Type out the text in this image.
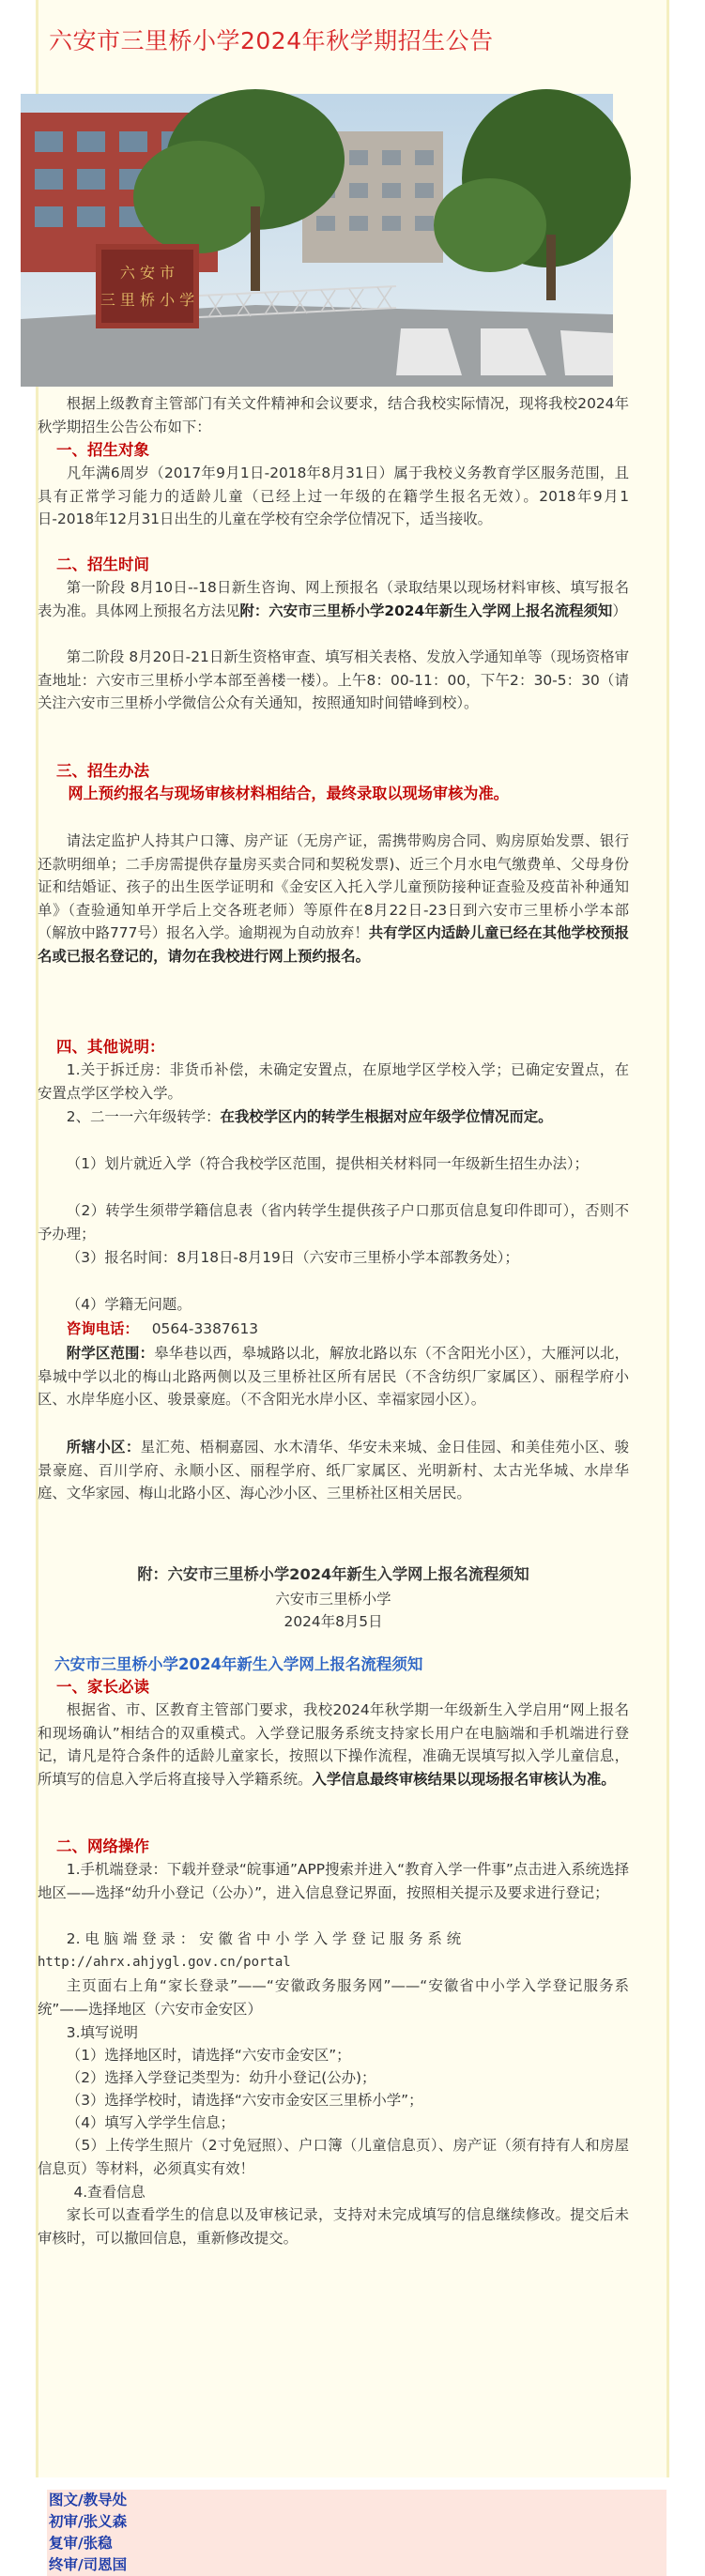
六安市三里桥小学2024年秋学期招生公告
六 安 市
三 里 桥 小 学
根据上级教育主管部门有关文件精神和会议要求，结合我校实际情况，现将我校2024年秋学期招生公告公布如下：
一、招生对象
凡年满6周岁（2017年9月1日-2018年8月31日）属于我校义务教育学区服务范围，且具有正常学习能力的适龄儿童（已经上过一年级的在籍学生报名无效）。2018年9月1日-2018年12月31日出生的儿童在学校有空余学位情况下，适当接收。
二、招生时间
第一阶段 8月10日--18日新生咨询、网上预报名（录取结果以现场材料审核、填写报名表为准。具体网上预报名方法见附：六安市三里桥小学2024年新生入学网上报名流程须知）
第二阶段 8月20日-21日新生资格审查、填写相关表格、发放入学通知单等（现场资格审查地址：六安市三里桥小学本部至善楼一楼）。上午8：00-11：00，下午2：30-5：30（请关注六安市三里桥小学微信公众有关通知，按照通知时间错峰到校）。
三、招生办法
网上预约报名与现场审核材料相结合，最终录取以现场审核为准。
请法定监护人持其户口簿、房产证（无房产证，需携带购房合同、购房原始发票、银行还款明细单；二手房需提供存量房买卖合同和契税发票)、近三个月水电气缴费单、父母身份证和结婚证、孩子的出生医学证明和《金安区入托入学儿童预防接种证查验及疫苗补种通知单》（查验通知单开学后上交各班老师）等原件在8月22日-23日到六安市三里桥小学本部（解放中路777号）报名入学。逾期视为自动放弃！共有学区内适龄儿童已经在其他学校预报名或已报名登记的，请勿在我校进行网上预约报名。
四、其他说明：
1.关于拆迁房：非货币补偿，未确定安置点，在原地学区学校入学；已确定安置点，在安置点学区学校入学。
2、二一一六年级转学：在我校学区内的转学生根据对应年级学位情况而定。
（1）划片就近入学（符合我校学区范围，提供相关材料同一年级新生招生办法）；
（2）转学生须带学籍信息表（省内转学生提供孩子户口那页信息复印件即可），否则不予办理；
（3）报名时间：8月18日-8月19日（六安市三里桥小学本部教务处）；
（4）学籍无问题。
咨询电话： 0564-3387613
附学区范围：皋华巷以西，皋城路以北，解放北路以东（不含阳光小区），大雁河以北，皋城中学以北的梅山北路两侧以及三里桥社区所有居民（不含纺织厂家属区）、丽程学府小区、水岸华庭小区、骏景豪庭。（不含阳光水岸小区、幸福家园小区）。
所辖小区：星汇苑、梧桐嘉园、水木清华、华安未来城、金日佳园、和美佳苑小区、骏景豪庭、百川学府、永顺小区、丽程学府、纸厂家属区、光明新村、太古光华城、水岸华庭、文华家园、梅山北路小区、海心沙小区、三里桥社区相关居民。
附：六安市三里桥小学2024年新生入学网上报名流程须知
六安市三里桥小学
2024年8月5日
六安市三里桥小学2024年新生入学网上报名流程须知
一、家长必读
根据省、市、区教育主管部门要求，我校2024年秋学期一年级新生入学启用“网上报名和现场确认”相结合的双重模式。入学登记服务系统支持家长用户在电脑端和手机端进行登记，请凡是符合条件的适龄儿童家长，按照以下操作流程，准确无误填写拟入学儿童信息，所填写的信息入学后将直接导入学籍系统。入学信息最终审核结果以现场报名审核认为准。
二、网络操作
1.手机端登录：下载并登录“皖事通”APP搜索并进入“教育入学一件事”点击进入系统选择地区——选择“幼升小登记（公办）”，进入信息登记界面，按照相关提示及要求进行登记；
2. 电 脑 端 登 录 ： 安 徽 省 中 小 学 入 学 登 记 服 务 系 统
http://ahrx.ahjygl.gov.cn/portal
主页面右上角“家长登录”——“安徽政务服务网”——“安徽省中小学入学登记服务系统”——选择地区（六安市金安区）
3.填写说明
（1）选择地区时，请选择“六安市金安区”；
（2）选择入学登记类型为：幼升小登记(公办)；
（3）选择学校时，请选择“六安市金安区三里桥小学”；
（4）填写入学学生信息；
（5）上传学生照片（2寸免冠照）、户口簿（儿童信息页）、房产证（须有持有人和房屋信息页）等材料，必须真实有效！
4.查看信息
家长可以查看学生的信息以及审核记录，支持对未完成填写的信息继续修改。提交后未审核时，可以撤回信息，重新修改提交。
图文/教导处
初审/张义森
复审/张稳
终审/司恩国
